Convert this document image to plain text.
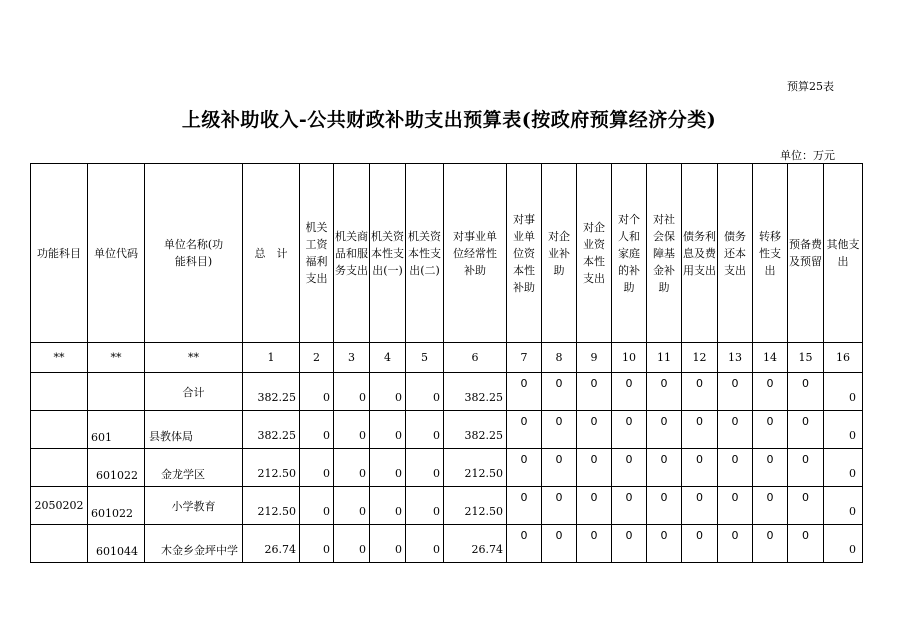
预算25表
上级补助收入-公共财政补助支出预算表(按政府预算经济分类)
单位：万元
功能科目	单位代码	单位名称(功能科目)	总　计	机关工资福利支出	机关商品和服务支出	机关资本性支出(一)	机关资本性支出(二)	对事业单位经常性补助	对事业单位资本性补助	对企业补助	对企业资本性支出	对个人和家庭的补助	对社会保障基金补助	债务利息及费用支出	债务还本支出	转移性支出	预备费及预留	其他支出
**	**	**	1	2	3	4	5	6	7	8	9	10	11	12	13	14	15	16
		合计	382.25	0	0	0	0	382.25	0	0	0	0	0	0	0	0	0	0
	601	县教体局	382.25	0	0	0	0	382.25	0	0	0	0	0	0	0	0	0	0
	601022	金龙学区	212.50	0	0	0	0	212.50	0	0	0	0	0	0	0	0	0	0
2050202	601022	小学教育	212.50	0	0	0	0	212.50	0	0	0	0	0	0	0	0	0	0
	601044	木金乡金坪中学	26.74	0	0	0	0	26.74	0	0	0	0	0	0	0	0	0	0
